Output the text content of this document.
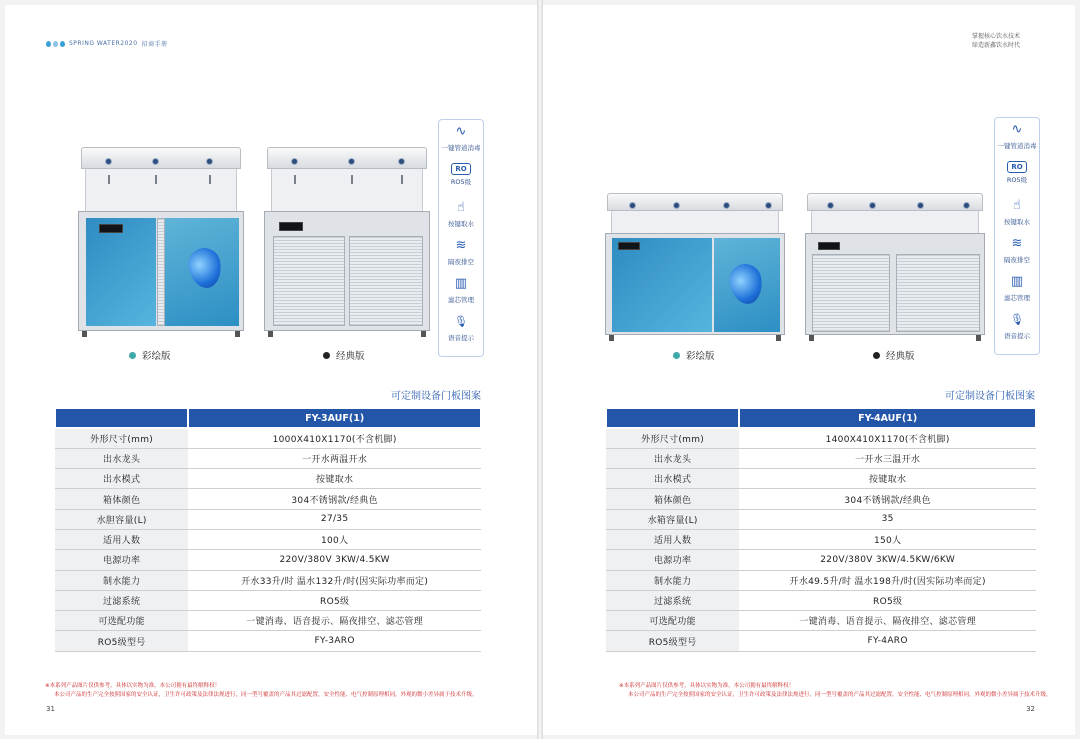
SPRING WATER2020 招商手册
∿
一键管道消毒
RO
RO5级
☝
按键取水
≋
隔夜排空
▥
滤芯管理
🎙
语音提示
彩绘版	经典版
可定制设备门板图案
	FY-3AUF(1)
外形尺寸(mm)	1000X410X1170(不含机脚)
出水龙头	一开水两温开水
出水模式	按键取水
箱体颜色	304不锈钢款/经典色
水胆容量(L)	27/35
适用人数	100人
电源功率	220V/380V 3KW/4.5KW
制水能力	开水33升/时 温水132升/时(因实际功率而定)
过滤系统	RO5级
可选配功能	一键消毒、语音提示、隔夜排空、滤芯管理
RO5级型号	FY-3ARO
※本系列产品图片仅供参考，具体以实物为准，本公司拥有最终解释权！
本公司产品的生产完全按照国家的安全认证，卫生许可政策及法律法规进行，同一型号覆盖的产品其过滤配置，安全性能、电气控制原理相同，外观的微小差异属于技术升级。
31
掌握核心饮水技术
缔造新鑫饮水时代
∿
一键管道消毒
RO
RO5级
☝
按键取水
≋
隔夜排空
▥
滤芯管理
🎙
语音提示
彩绘版	经典版
可定制设备门板图案
	FY-4AUF(1)
外形尺寸(mm)	1400X410X1170(不含机脚)
出水龙头	一开水三温开水
出水模式	按键取水
箱体颜色	304不锈钢款/经典色
水箱容量(L)	35
适用人数	150人
电源功率	220V/380V 3KW/4.5KW/6KW
制水能力	开水49.5升/时 温水198升/时(因实际功率而定)
过滤系统	RO5级
可选配功能	一键消毒、语音提示、隔夜排空、滤芯管理
RO5级型号	FY-4ARO
※本系列产品图片仅供参考，具体以实物为准，本公司拥有最终解释权！
本公司产品的生产完全按照国家的安全认证，卫生许可政策及法律法规进行，同一型号覆盖的产品其过滤配置，安全性能、电气控制原理相同，外观的微小差异属于技术升级。
32
